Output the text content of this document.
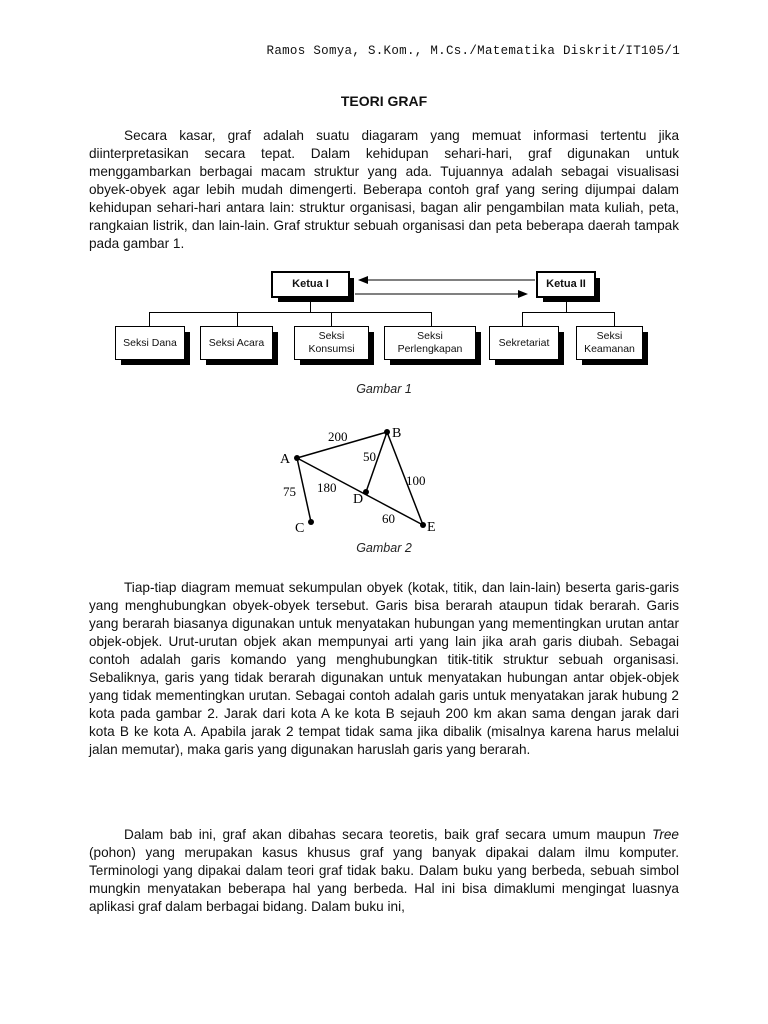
Ramos Somya, S.Kom., M.Cs./Matematika Diskrit/IT105/1
TEORI GRAF

Secara kasar, graf adalah suatu diagaram yang memuat informasi tertentu jika diinterpretasikan secara tepat. Dalam kehidupan sehari-hari, graf digunakan untuk menggambarkan berbagai macam struktur yang ada. Tujuannya adalah sebagai visualisasi obyek-obyek agar lebih mudah dimengerti. Beberapa contoh graf yang sering dijumpai dalam kehidupan sehari-hari antara lain: struktur organisasi, bagan alir pengambilan mata kuliah, peta, rangkaian listrik, dan lain-lain. Graf struktur sebuah organisasi dan peta beberapa daerah tampak pada gambar 1.

Ketua I	Ketua II
Seksi Dana	Seksi Acara
Seksi
Konsumsi
Seksi
Perlengkapan
Sekretariat
Seksi
Keamanan
Gambar 1
A
B
C
D
E
200
50
100
75 180
60
Gambar 2

Tiap-tiap diagram memuat sekumpulan obyek (kotak, titik, dan lain-lain) beserta garis-garis yang menghubungkan obyek-obyek tersebut. Garis bisa berarah ataupun tidak berarah. Garis yang berarah biasanya digunakan untuk menyatakan hubungan yang mementingkan urutan antar objek-objek. Urut-urutan objek akan mempunyai arti yang lain jika arah garis diubah. Sebagai contoh adalah garis komando yang menghubungkan titik-titik struktur sebuah organisasi. Sebaliknya, garis yang tidak berarah digunakan untuk menyatakan hubungan antar objek-objek yang tidak mementingkan urutan. Sebagai contoh adalah garis untuk menyatakan jarak hubung 2 kota pada gambar 2. Jarak dari kota A ke kota B sejauh 200 km akan sama dengan jarak dari kota B ke kota A. Apabila jarak 2 tempat tidak sama jika dibalik (misalnya karena harus melalui jalan memutar), maka garis yang digunakan haruslah garis yang berarah.

Dalam bab ini, graf akan dibahas secara teoretis, baik graf secara umum maupun Tree (pohon) yang merupakan kasus khusus graf yang banyak dipakai dalam ilmu komputer. Terminologi yang dipakai dalam teori graf tidak baku. Dalam buku yang berbeda, sebuah simbol mungkin menyatakan beberapa hal yang berbeda. Hal ini bisa dimaklumi mengingat luasnya aplikasi graf dalam berbagai bidang. Dalam buku ini,
